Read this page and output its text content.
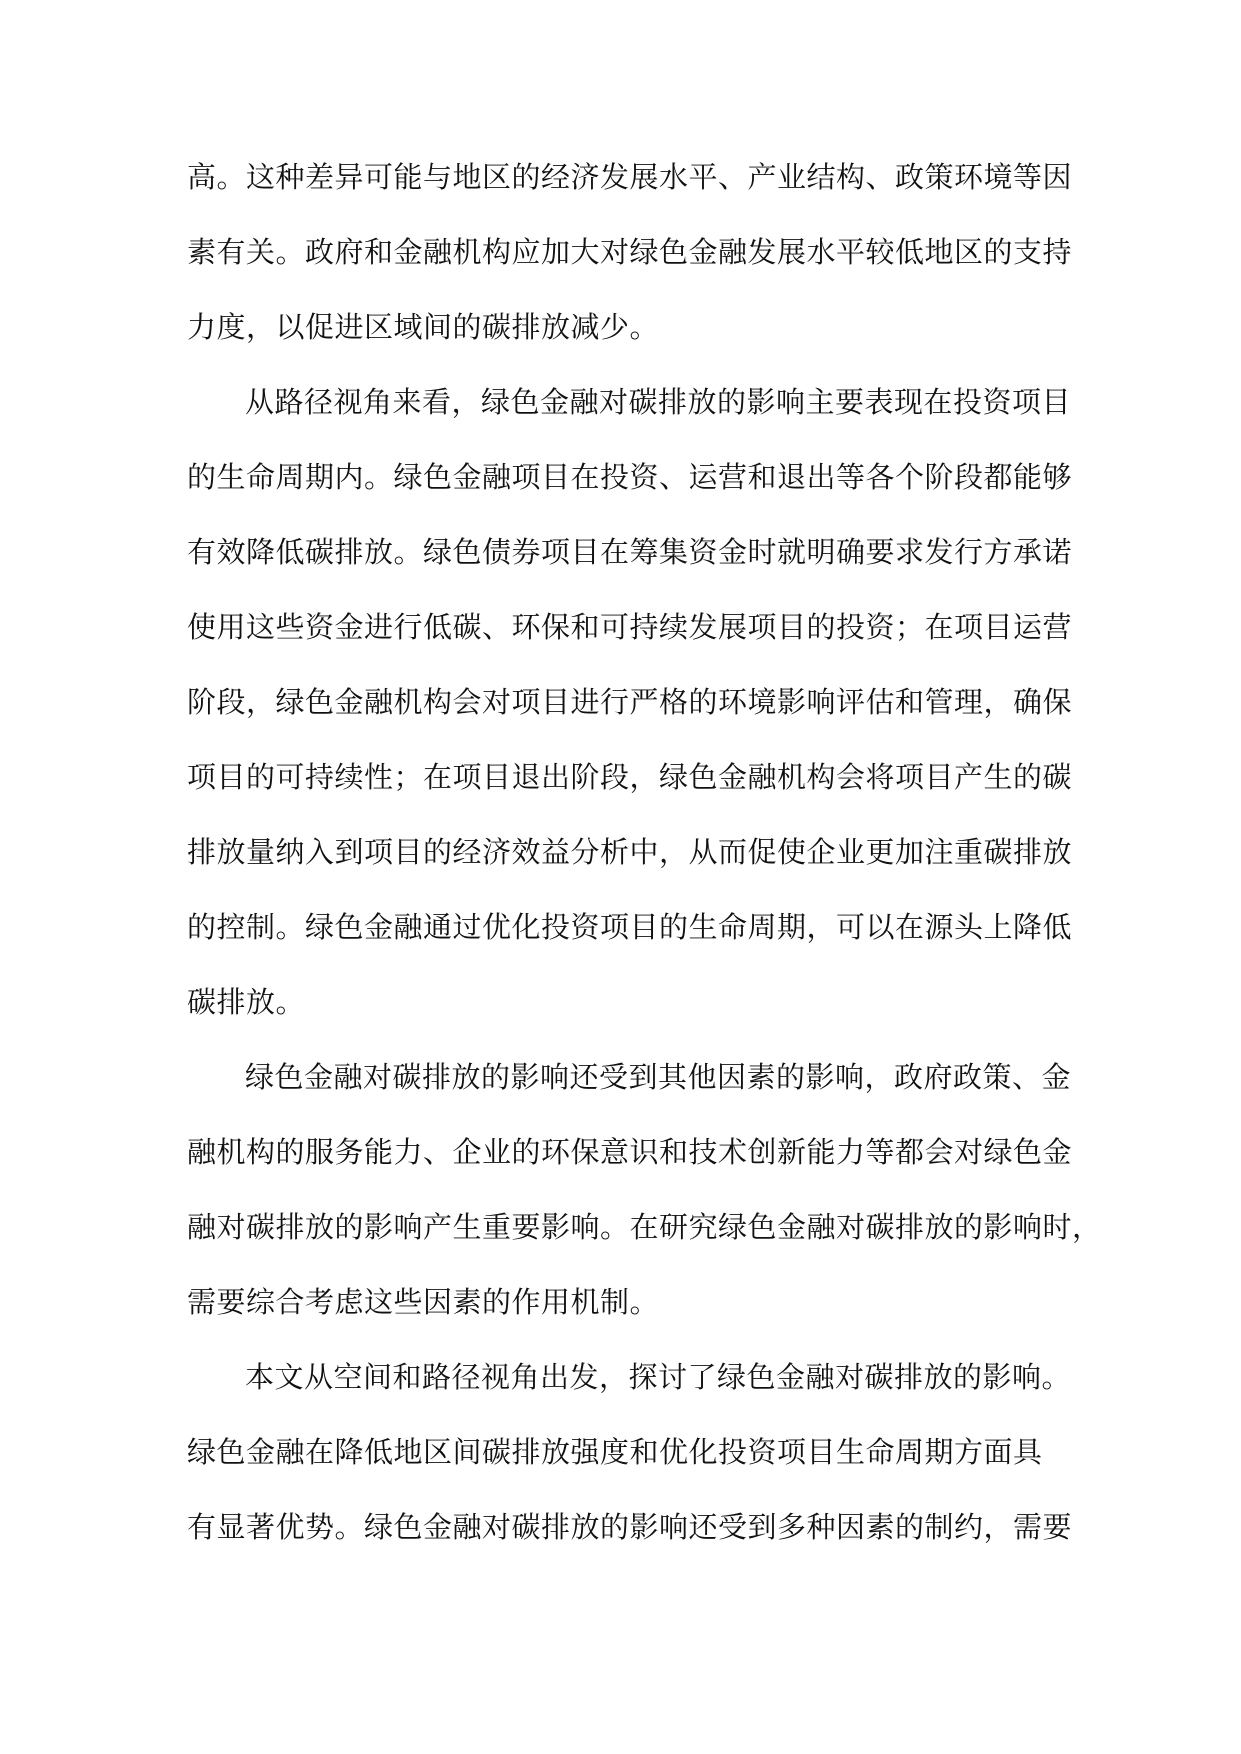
高。这种差异可能与地区的经济发展水平、产业结构、政策环境等因
素有关。政府和金融机构应加大对绿色金融发展水平较低地区的支持
力度，以促进区域间的碳排放减少。
从路径视角来看，绿色金融对碳排放的影响主要表现在投资项目
的生命周期内。绿色金融项目在投资、运营和退出等各个阶段都能够
有效降低碳排放。绿色债券项目在筹集资金时就明确要求发行方承诺
使用这些资金进行低碳、环保和可持续发展项目的投资；在项目运营
阶段，绿色金融机构会对项目进行严格的环境影响评估和管理，确保
项目的可持续性；在项目退出阶段，绿色金融机构会将项目产生的碳
排放量纳入到项目的经济效益分析中，从而促使企业更加注重碳排放
的控制。绿色金融通过优化投资项目的生命周期，可以在源头上降低
碳排放。
绿色金融对碳排放的影响还受到其他因素的影响，政府政策、金
融机构的服务能力、企业的环保意识和技术创新能力等都会对绿色金
融对碳排放的影响产生重要影响。在研究绿色金融对碳排放的影响时，
需要综合考虑这些因素的作用机制。
本文从空间和路径视角出发，探讨了绿色金融对碳排放的影响。
绿色金融在降低地区间碳排放强度和优化投资项目生命周期方面具
有显著优势。绿色金融对碳排放的影响还受到多种因素的制约，需要
